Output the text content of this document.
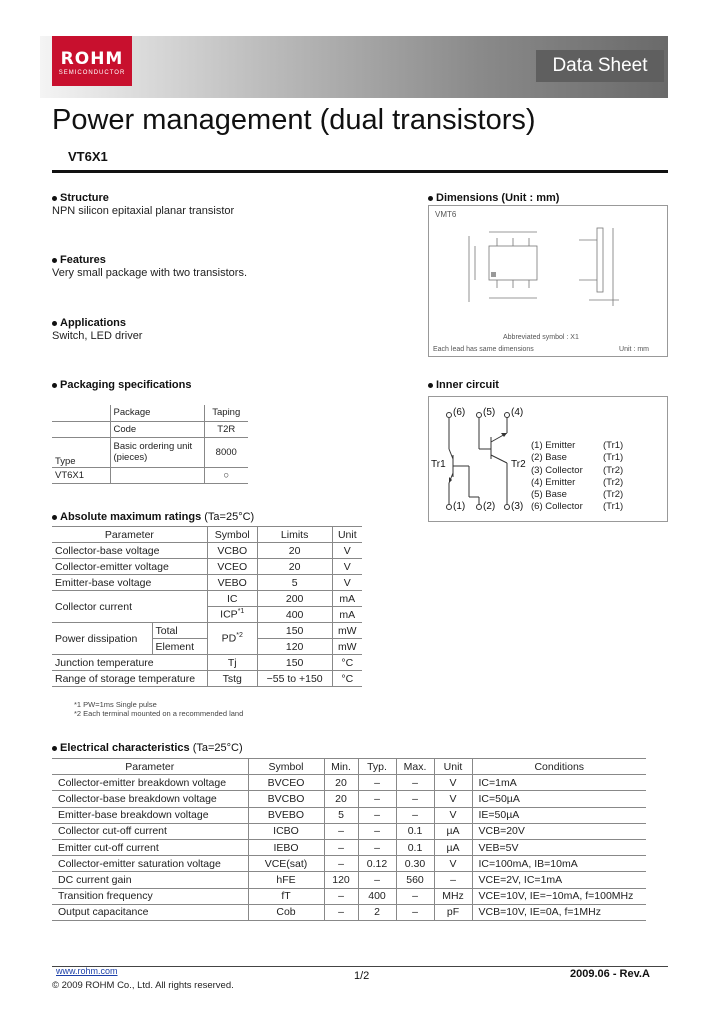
ROHM
SEMICONDUCTOR	Data Sheet
Power management (dual transistors)
VT6X1
Structure
NPN silicon epitaxial planar transistor
Features
Very small package with two transistors.
Applications
Switch, LED driver
Dimensions (Unit : mm)
VMT6
Abbreviated symbol : X1
Each lead has same dimensions	Unit : mm
Packaging specifications
	Package	Taping
	Code	T2R
Type	Basic ordering unit (pieces)	8000
VT6X1		○
Inner circuit
(6) (5) (4)
(1) (2) (3)
Tr1	Tr2
(1) Emitter	(Tr1)
(2) Base	(Tr1)
(3) Collector	(Tr2)
(4) Emitter	(Tr2)
(5) Base	(Tr2)
(6) Collector	(Tr1)
Absolute maximum ratings (Ta=25°C)
Parameter		Symbol	Limits	Unit
Collector-base voltage		VCBO	20	V
Collector-emitter voltage		VCEO	20	V
Emitter-base voltage		VEBO	5	V
Collector current		IC	200	mA
		ICP$^{*1}$	400	mA
Power dissipation	Total	PD$^{*2}$	150	mW
	Element		120	mW
Junction temperature		Tj	150	°C
Range of storage temperature		Tstg	−55 to +150	°C
*1 PW=1ms Single pulse
*2 Each terminal mounted on a recommended land
Electrical characteristics (Ta=25°C)
Parameter	Symbol	Min.	Typ.	Max.	Unit	Conditions
Collector-emitter breakdown voltage	BVCEO	20	–	–	V	IC=1mA
Collector-base breakdown voltage	BVCBO	20	–	–	V	IC=50µA
Emitter-base breakdown voltage	BVEBO	5	–	–	V	IE=50µA
Collector cut-off current	ICBO	–	–	0.1	µA	VCB=20V
Emitter cut-off current	IEBO	–	–	0.1	µA	VEB=5V
Collector-emitter saturation voltage	VCE(sat)	–	0.12	0.30	V	IC=100mA, IB=10mA
DC current gain	hFE	120	–	560	–	VCE=2V, IC=1mA
Transition frequency	fT	–	400	–	MHz	VCE=10V, IE=−10mA, f=100MHz
Output capacitance	Cob	–	2	–	pF	VCB=10V, IE=0A, f=1MHz
www.rohm.com
© 2009 ROHM Co., Ltd. All rights reserved.
1/2	2009.06 - Rev.A
